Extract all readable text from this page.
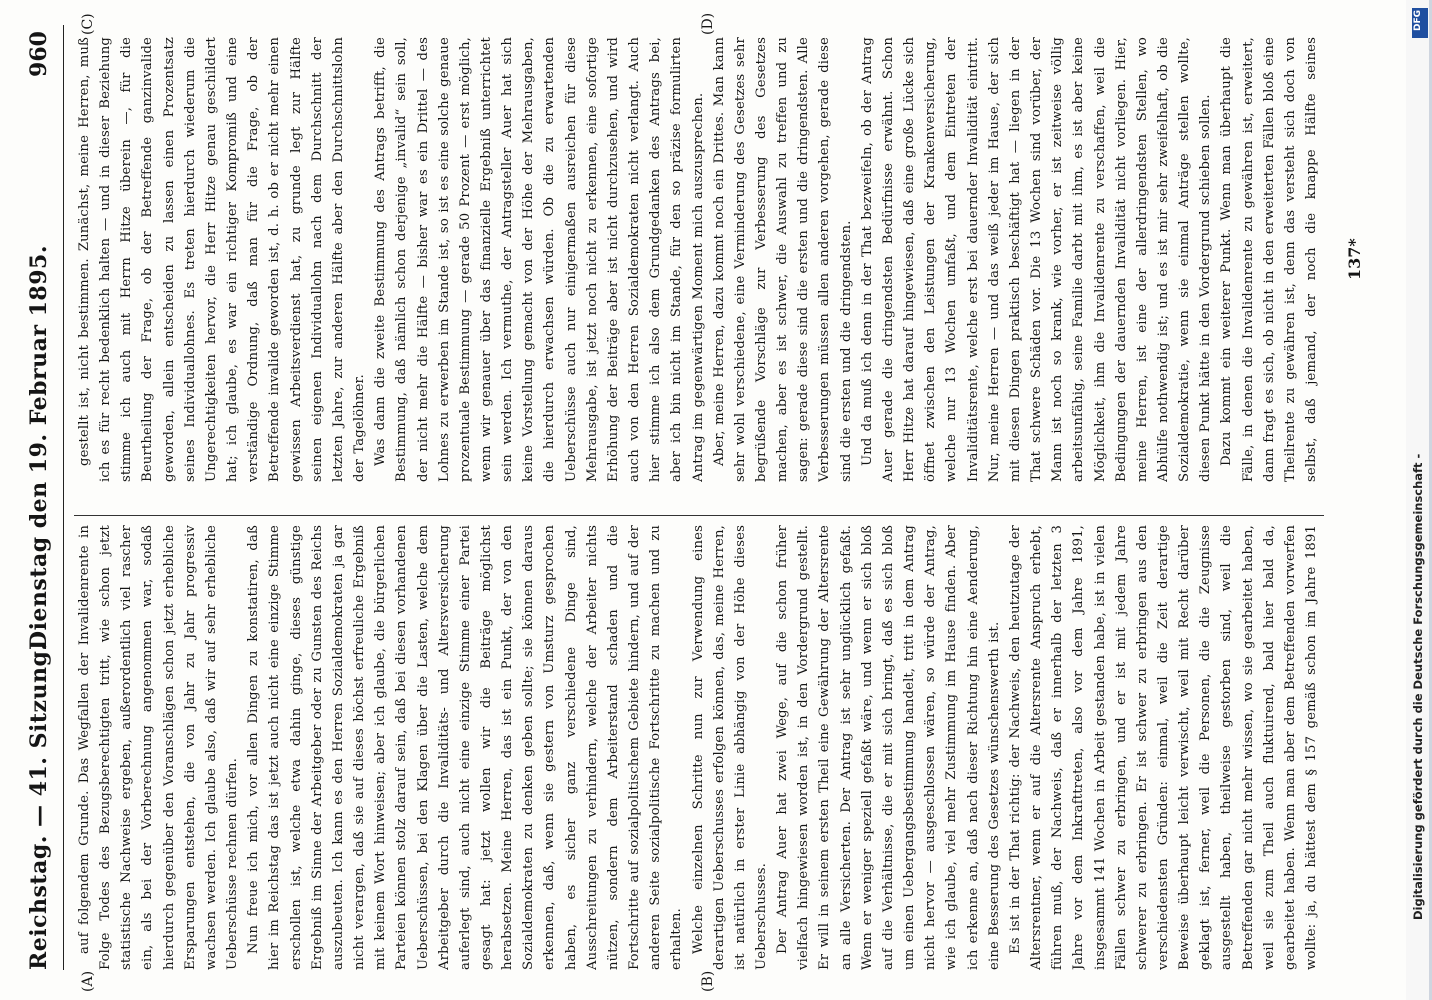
Reichstag. — 41. Sitzung.
Dienstag den 19. Februar 1895.
960

auf folgendem Grunde. Das Wegfallen der Invalidenrente in Folge Todes des Bezugsberechtigten tritt, wie schon jetzt statistische Nachweise ergeben, außerordentlich viel rascher ein, als bei der Vorberechnung angenommen war, sodaß hierdurch gegenüber den Voranschlägen schon jetzt erhebliche Ersparungen entstehen, die von Jahr zu Jahr progressiv wachsen werden. Ich glaube also, daß wir auf sehr erhebliche Ueberschüsse rechnen dürfen. Nun freue ich mich, vor allen Dingen zu konstatiren, daß hier im Reichstag das ist jetzt auch nicht eine einzige Stimme erschollen ist, welche etwa dahin ginge, dieses günstige Ergebniß im Sinne der Arbeitgeber oder zu Gunsten des Reichs auszubeuten. Ich kann es den Herren Sozialdemokraten ja gar nicht verargen, daß sie auf dieses höchst erfreuliche Ergebniß mit keinem Wort hinweisen; aber ich glaube, die bürgerlichen Parteien können stolz darauf sein, daß bei diesen vorhandenen Ueberschüssen, bei den Klagen über die Lasten, welche dem Arbeitgeber durch die Invaliditäts- und Altersversicherung auferlegt sind, auch nicht eine einzige Stimme einer Partei gesagt hat: jetzt wollen wir die Beiträge möglichst herabsetzen. Meine Herren, das ist ein Punkt, der von den Sozialdemokraten zu denken geben sollte; sie können daraus erkennen, daß, wenn sie gestern von Umsturz gesprochen haben, es sicher ganz verschiedene Dinge sind, Ausschreitungen zu verhindern, welche der Arbeiter nichts nützen, sondern dem Arbeiterstand schaden und die Fortschritte auf sozialpolitischem Gebiete hindern, und auf der anderen Seite sozialpolitische Fortschritte zu machen und zu erhalten. Welche einzelnen Schritte nun zur Verwendung eines derartigen Ueberschusses erfolgen können, das, meine Herren, ist natürlich in erster Linie abhängig von der Höhe dieses Ueberschusses. Der Antrag Auer hat zwei Wege, auf die schon früher vielfach hingewiesen worden ist, in den Vordergrund gestellt. Er will in seinem ersten Theil eine Gewährung der Altersrente an alle Versicherten. Der Antrag ist sehr unglücklich gefaßt. Wenn er weniger speziell gefaßt wäre, und wenn er sich bloß auf die Verhältnisse, die er mit sich bringt, daß es sich bloß um einen Uebergangsbestimmung handelt, tritt in dem Antrag nicht hervor — ausgeschlossen wären, so würde der Antrag, wie ich glaube, viel mehr Zustimmung im Hause finden. Aber ich erkenne an, daß nach dieser Richtung hin eine Aenderung, eine Besserung des Gesetzes wünschenswerth ist. Es ist in der That richtig: der Nachweis, den heutzutage der Altersrentner, wenn er auf die Altersrente Anspruch erhebt, führen muß, der Nachweis, daß er innerhalb der letzten 3 Jahre vor dem Inkrafttreten, also vor dem Jahre 1891, insgesammt 141 Wochen in Arbeit gestanden habe, ist in vielen Fällen schwer zu erbringen, und er ist mit jedem Jahre schwerer zu erbringen. Er ist schwer zu erbringen aus den verschiedensten Gründen: einmal, weil die Zeit derartige Beweise überhaupt leicht verwischt, weil mit Recht darüber geklagt ist, ferner, weil die Personen, die die Zeugnisse ausgestellt haben, theilweise gestorben sind, weil die Betreffenden gar nicht mehr wissen, wo sie gearbeitet haben, weil sie zum Theil auch fluktuirend, bald hier bald da, gearbeitet haben. Wenn man aber dem Betreffenden vorwerfen wollte: ja, du hättest dem § 157 gemäß schon im Jahre 1891

gestellt ist, nicht bestimmen. Zunächst, meine Herren, muß ich es für recht bedenklich halten — und in dieser Beziehung stimme ich auch mit Herrn Hitze überein —, für die Beurtheilung der Frage, ob der Betreffende ganzinvalide geworden, allein entscheiden zu lassen einen Prozentsatz seines Individuallohnes. Es treten hierdurch wiederum die Ungerechtigkeiten hervor, die Herr Hitze genau geschildert hat; ich glaube, es war ein richtiger Kompromiß und eine verständige Ordnung, daß man für die Frage, ob der Betreffende invalide geworden ist, d. h. ob er nicht mehr einen gewissen Arbeitsverdienst hat, zu grunde legt zur Hälfte seinen eigenen Individuallohn nach dem Durchschnitt der letzten Jahre, zur anderen Hälfte aber den Durchschnittslohn der Tagelöhner. Was dann die zweite Bestimmung des Antrags betrifft, die Bestimmung, daß nämlich schon derjenige „invalid“ sein soll, der nicht mehr die Hälfte — bisher war es ein Drittel — des Lohnes zu erwerben im Stande ist, so ist es eine solche genaue prozentuale Bestimmung — gerade 50 Prozent — erst möglich, wenn wir genauer über das finanzielle Ergebniß unterrichtet sein werden. Ich vermuthe, der Antragsteller Auer hat sich keine Vorstellung gemacht von der Höhe der Mehrausgaben, die hierdurch erwachsen würden. Ob die zu erwartenden Ueberschüsse auch nur einigermaßen ausreichen für diese Mehrausgabe, ist jetzt noch nicht zu erkennen, eine sofortige Erhöhung der Beiträge aber ist nicht durchzusehen, und wird auch von den Herren Sozialdemokraten nicht verlangt. Auch hier stimme ich also dem Grundgedanken des Antrags bei, aber ich bin nicht im Stande, für den so präzise formulirten Antrag im gegenwärtigen Moment mich auszusprechen. Aber, meine Herren, dazu kommt noch ein Drittes. Man kann sehr wohl verschiedene, eine Verminderung des Gesetzes sehr begrüßende Vorschläge zur Verbesserung des Gesetzes machen, aber es ist schwer, die Auswahl zu treffen und zu sagen: gerade diese sind die ersten und die dringendsten. Alle Verbesserungen müssen allen anderen vorgehen, gerade diese sind die ersten und die dringendsten. Und da muß ich denn in der That bezweifeln, ob der Antrag Auer gerade die dringendsten Bedürfnisse erwähnt. Schon Herr Hitze hat darauf hingewiesen, daß eine große Lücke sich öffnet zwischen den Leistungen der Krankenversicherung, welche nur 13 Wochen umfaßt, und dem Eintreten der Invaliditätsrente, welche erst bei dauernder Invalidität eintritt. Nur, meine Herren — und das weiß jeder im Hause, der sich mit diesen Dingen praktisch beschäftigt hat — liegen in der That schwere Schäden vor. Die 13 Wochen sind vorüber, der Mann ist noch so krank, wie vorher, er ist zeitweise völlig arbeitsunfähig, seine Familie darbt mit ihm, es ist aber keine Möglichkeit, ihm die Invalidenrente zu verschaffen, weil die Bedingungen der dauernden Invalidität nicht vorliegen. Hier, meine Herren, ist eine der allerdringendsten Stellen, wo Abhülfe nothwendig ist; und es ist mir sehr zweifelhaft, ob die Sozialdemokratie, wenn sie einmal Anträge stellen wollte, diesen Punkt hätte in den Vordergrund schieben sollen. Dazu kommt ein weiterer Punkt. Wenn man überhaupt die Fälle, in denen die Invalidenrente zu gewähren ist, erweitert, dann fragt es sich, ob nicht in den erweiterten Fällen bloß eine Theilrente zu gewähren ist, denn das versteht sich doch von selbst, daß jemand, der noch die knappe Hälfte seines

(A)	(B)
(C)	(D)
137*
DFG
Digitalisierung gefördert durch die Deutsche Forschungsgemeinschaft -
